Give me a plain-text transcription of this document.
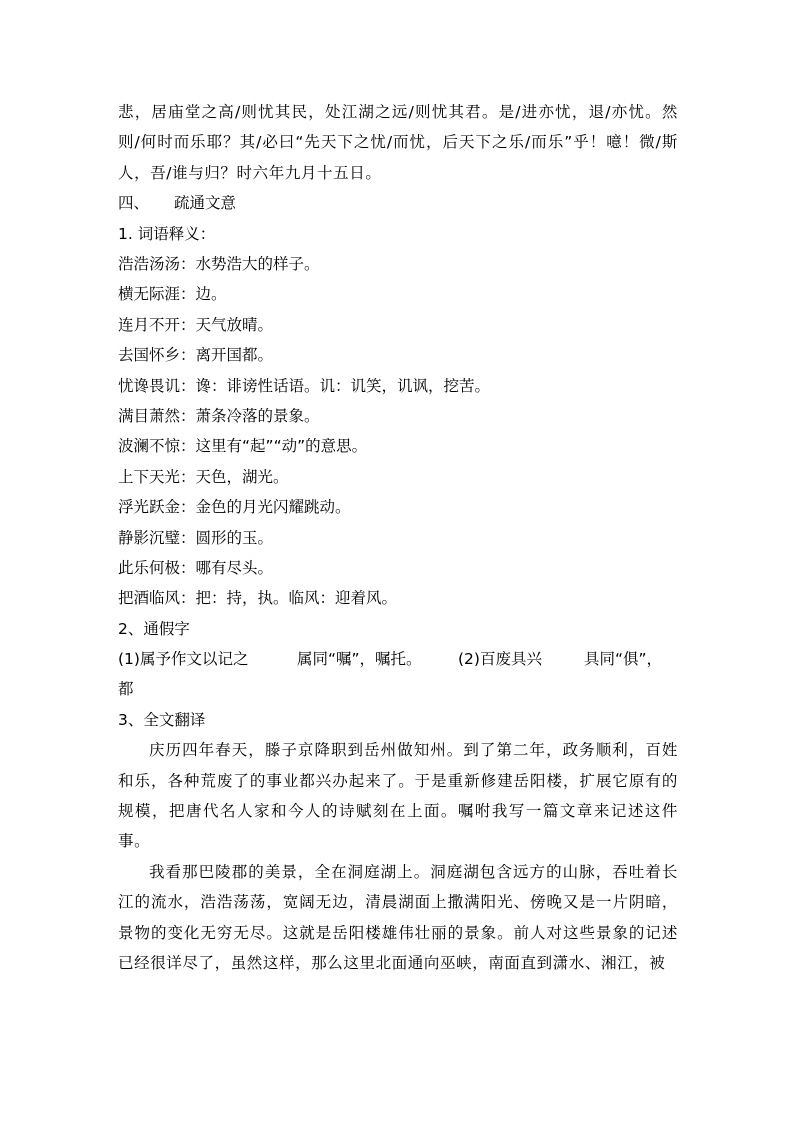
悲，居庙堂之高/则忧其民，处江湖之远/则忧其君。是/进亦忧，退/亦忧。然则/何时而乐耶？其/必曰“先天下之忧/而忧，后天下之乐/而乐”乎！噫！微/斯人，吾/谁与归？时六年九月十五日。
四、 疏通文意
1. 词语释义：
浩浩汤汤：水势浩大的样子。
横无际涯：边。
连月不开：天气放晴。
去国怀乡：离开国都。
忧谗畏讥：谗：诽谤性话语。讥：讥笑，讥讽，挖苦。
满目萧然：萧条冷落的景象。
波澜不惊：这里有“起”“动”的意思。
上下天光：天色，湖光。
浮光跃金：金色的月光闪耀跳动。
静影沉璧：圆形的玉。
此乐何极：哪有尽头。
把酒临风：把：持，执。临风：迎着风。
2、通假字
(1)属予作文以记之	属同“嘱”，嘱托。 (2)百废具兴	具同“俱”，
都
3、全文翻译
庆历四年春天，滕子京降职到岳州做知州。到了第二年，政务顺利，百姓和乐，各种荒废了的事业都兴办起来了。于是重新修建岳阳楼，扩展它原有的规模，把唐代名人家和今人的诗赋刻在上面。嘱咐我写一篇文章来记述这件事。
我看那巴陵郡的美景，全在洞庭湖上。洞庭湖包含远方的山脉，吞吐着长江的流水，浩浩荡荡，宽阔无边，清晨湖面上撒满阳光、傍晚又是一片阴暗，景物的变化无穷无尽。这就是岳阳楼雄伟壮丽的景象。前人对这些景象的记述已经很详尽了，虽然这样，那么这里北面通向巫峡，南面直到潇水、湘江，被
